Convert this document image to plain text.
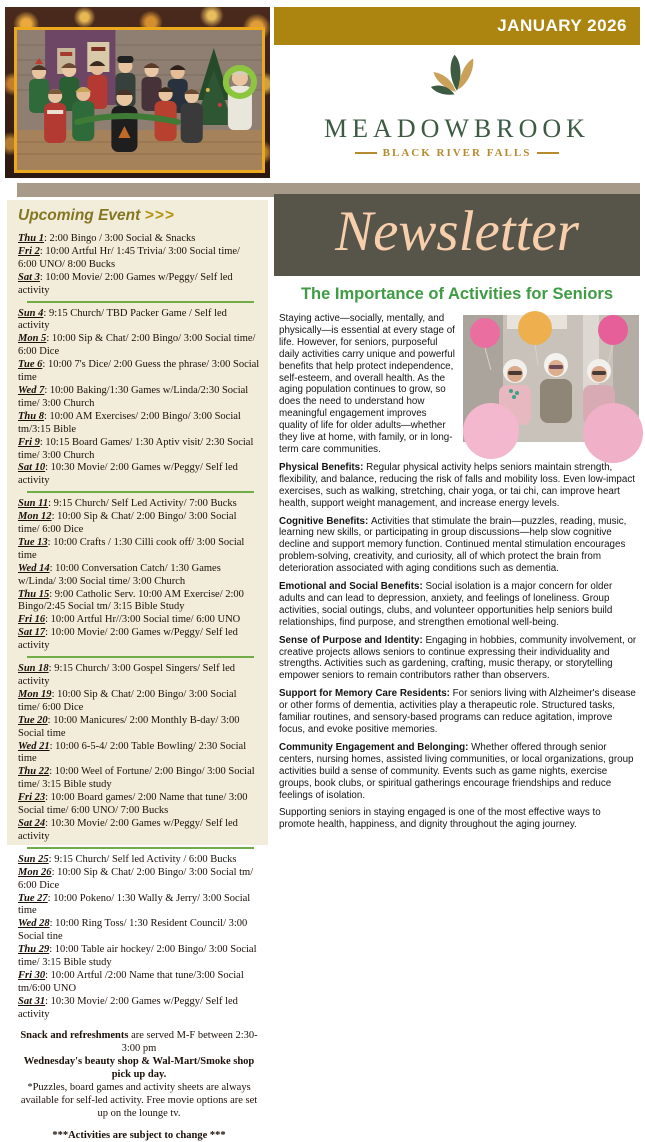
JANUARY 2026
MEADOWBROOK
BLACK RIVER FALLS
Upcoming Event >>>

Thu 1: 2:00 Bingo / 3:00 Social & Snacks

Fri 2: 10:00 Artful Hr/ 1:45 Trivia/ 3:00 Social time/ 6:00 UNO/ 8:00 Bucks

Sat 3: 10:00 Movie/ 2:00 Games w/Peggy/ Self led activity

Sun 4: 9:15 Church/ TBD Packer Game / Self led activity

Mon 5: 10:00 Sip & Chat/ 2:00 Bingo/ 3:00 Social time/ 6:00 Dice

Tue 6: 10:00 7's Dice/ 2:00 Guess the phrase/ 3:00 Social time

Wed 7: 10:00 Baking/1:30 Games w/Linda/2:30 Social time/ 3:00 Church

Thu 8: 10:00 AM Exercises/ 2:00 Bingo/ 3:00 Social tm/3:15 Bible

Fri 9: 10:15 Board Games/ 1:30 Aptiv visit/ 2:30 Social time/ 3:00 Church

Sat 10: 10:30 Movie/ 2:00 Games w/Peggy/ Self led activity

Sun 11: 9:15 Church/ Self Led Activity/ 7:00 Bucks

Mon 12: 10:00 Sip & Chat/ 2:00 Bingo/ 3:00 Social time/ 6:00 Dice

Tue 13: 10:00 Crafts / 1:30 Cilli cook off/ 3:00 Social time

Wed 14: 10:00 Conversation Catch/ 1:30 Games w/Linda/ 3:00 Social time/ 3:00 Church

Thu 15: 9:00 Catholic Serv. 10:00 AM Exercise/ 2:00 Bingo/2:45 Social tm/ 3:15 Bible Study

Fri 16: 10:00 Artful Hr//3:00 Social time/ 6:00 UNO

Sat 17: 10:00 Movie/ 2:00 Games w/Peggy/ Self led activity

Sun 18: 9:15 Church/ 3:00 Gospel Singers/ Self led activity

Mon 19: 10:00 Sip & Chat/ 2:00 Bingo/ 3:00 Social time/ 6:00 Dice

Tue 20: 10:00 Manicures/ 2:00 Monthly B-day/ 3:00 Social time

Wed 21: 10:00 6-5-4/ 2:00 Table Bowling/ 2:30 Social time

Thu 22: 10:00 Weel of Fortune/ 2:00 Bingo/ 3:00 Social time/ 3:15 Bible study

Fri 23: 10:00 Board games/ 2:00 Name that tune/ 3:00 Social time/ 6:00 UNO/ 7:00 Bucks

Sat 24: 10:30 Movie/ 2:00 Games w/Peggy/ Self led activity

Sun 25: 9:15 Church/ Self led Activity / 6:00 Bucks

Mon 26: 10:00 Sip & Chat/ 2:00 Bingo/ 3:00 Social tm/ 6:00 Dice

Tue 27: 10:00 Pokeno/ 1:30 Wally & Jerry/ 3:00 Social time

Wed 28: 10:00 Ring Toss/ 1:30 Resident Council/ 3:00 Social tine

Thu 29: 10:00 Table air hockey/ 2:00 Bingo/ 3:00 Social time/ 3:15 Bible study

Fri 30: 10:00 Artful /2:00 Name that tune/3:00 Social tm/6:00 UNO

Sat 31: 10:30 Movie/ 2:00 Games w/Peggy/ Self led activity

Snack and refreshments are served M-F between 2:30-3:00 pm

Wednesday's beauty shop & Wal-Mart/Smoke shop pick up day.

*Puzzles, board games and activity sheets are always available for self-led activity. Free movie options are set up on the lounge tv.

***Activities are subject to change ***

Newsletter
The Importance of Activities for Seniors

Staying active—socially, mentally, and physically—is essential at every stage of life. However, for seniors, purposeful daily activities carry unique and powerful benefits that help protect independence, self-esteem, and overall health. As the aging population continues to grow, so does the need to understand how meaningful engagement improves quality of life for older adults—whether they live at home, with family, or in long-term care communities.

Physical Benefits: Regular physical activity helps seniors maintain strength, flexibility, and balance, reducing the risk of falls and mobility loss. Even low-impact exercises, such as walking, stretching, chair yoga, or tai chi, can improve heart health, support weight management, and increase energy levels.

Cognitive Benefits: Activities that stimulate the brain—puzzles, reading, music, learning new skills, or participating in group discussions—help slow cognitive decline and support memory function. Continued mental stimulation encourages problem-solving, creativity, and curiosity, all of which protect the brain from deterioration associated with aging conditions such as dementia.

Emotional and Social Benefits: Social isolation is a major concern for older adults and can lead to depression, anxiety, and feelings of loneliness. Group activities, social outings, clubs, and volunteer opportunities help seniors build relationships, find purpose, and strengthen emotional well-being.

Sense of Purpose and Identity: Engaging in hobbies, community involvement, or creative projects allows seniors to continue expressing their individuality and strengths. Activities such as gardening, crafting, music therapy, or storytelling empower seniors to remain contributors rather than observers.

Support for Memory Care Residents: For seniors living with Alzheimer's disease or other forms of dementia, activities play a therapeutic role. Structured tasks, familiar routines, and sensory-based programs can reduce agitation, improve focus, and evoke positive memories.

Community Engagement and Belonging: Whether offered through senior centers, nursing homes, assisted living communities, or local organizations, group activities build a sense of community. Events such as game nights, exercise groups, book clubs, or spiritual gatherings encourage friendships and reduce feelings of isolation.

Supporting seniors in staying engaged is one of the most effective ways to promote health, happiness, and dignity throughout the aging journey.
